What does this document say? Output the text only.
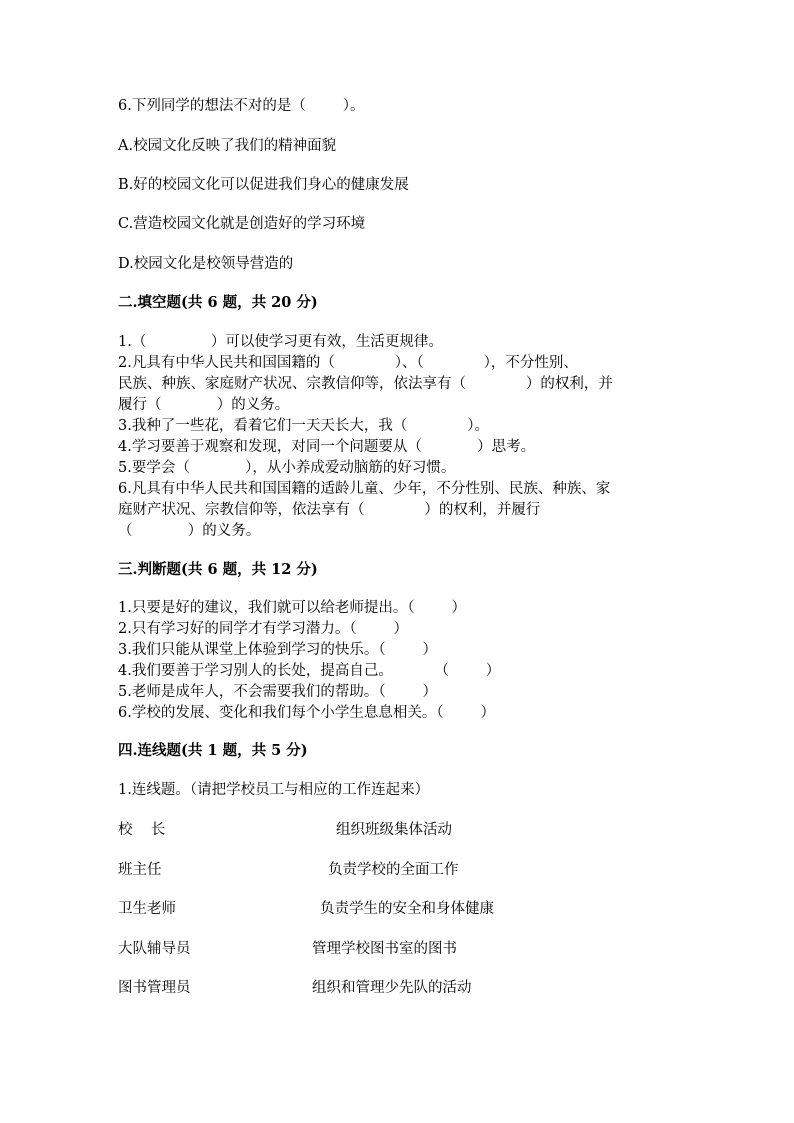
6.下列同学的想法不对的是（        ）。
A.校园文化反映了我们的精神面貌
B.好的校园文化可以促进我们身心的健康发展
C.营造校园文化就是创造好的学习环境
D.校园文化是校领导营造的
二.填空题(共 6 题，共 20 分)
1.（              ）可以使学习更有效，生活更规律。
2.凡具有中华人民共和国国籍的（             ）、（             ），不分性别、
民族、种族、家庭财产状况、宗教信仰等，依法享有（             ）的权利，并
履行（            ）的义务。
3.我种了一些花，看着它们一天天长大，我（             ）。
4.学习要善于观察和发现，对同一个问题要从（            ）思考。
5.要学会（            ），从小养成爱动脑筋的好习惯。
6.凡具有中华人民共和国国籍的适龄儿童、少年，不分性别、民族、种族、家
庭财产状况、宗教信仰等，依法享有（             ）的权利，并履行
（            ）的义务。
三.判断题(共 6 题，共 12 分)
1.只要是好的建议，我们就可以给老师提出。（        ）
2.只有学习好的同学才有学习潜力。（        ）
3.我们只能从课堂上体验到学习的快乐。（        ）
4.我们要善于学习别人的长处，提高自己。         （        ）
5.老师是成年人，不会需要我们的帮助。（        ）
6.学校的发展、变化和我们每个小学生息息相关。（        ）
四.连线题(共 1 题，共 5 分)
1.连线题。（请把学校员工与相应的工作连起来）
校    长	组织班级集体活动
班主任	负责学校的全面工作
卫生老师	负责学生的安全和身体健康
大队辅导员	管理学校图书室的图书
图书管理员	组织和管理少先队的活动
